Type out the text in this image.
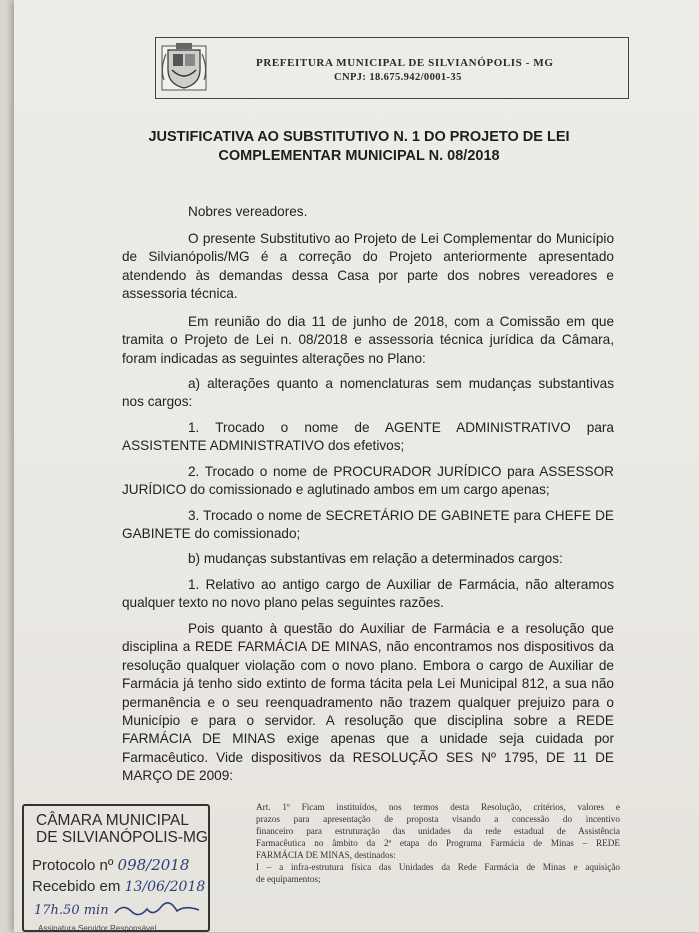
PREFEITURA MUNICIPAL DE SILVIANÓPOLIS - MG
CNPJ: 18.675.942/0001-35
JUSTIFICATIVA AO SUBSTITUTIVO N. 1 DO PROJETO DE LEI
COMPLEMENTAR MUNICIPAL N. 08/2018
Nobres vereadores.
O presente Substitutivo ao Projeto de Lei Complementar do Município
de Silvianópolis/MG é a correção do Projeto anteriormente apresentado
atendendo às demandas dessa Casa por parte dos nobres vereadores e
assessoria técnica.
Em reunião do dia 11 de junho de 2018, com a Comissão em que
tramita o Projeto de Lei n. 08/2018 e assessoria técnica jurídica da Câmara,
foram indicadas as seguintes alterações no Plano:
a) alterações quanto a nomenclaturas sem mudanças substantivas
nos cargos:
1. Trocado o nome de AGENTE ADMINISTRATIVO para
ASSISTENTE ADMINISTRATIVO dos efetivos;
2. Trocado o nome de PROCURADOR JURÍDICO para ASSESSOR
JURÍDICO do comissionado e aglutinado ambos em um cargo apenas;
3. Trocado o nome de SECRETÁRIO DE GABINETE para CHEFE DE
GABINETE do comissionado;
b) mudanças substantivas em relação a determinados cargos:
1. Relativo ao antigo cargo de Auxiliar de Farmácia, não alteramos
qualquer texto no novo plano pelas seguintes razões.
Pois quanto à questão do Auxiliar de Farmácia e a resolução que
disciplina a REDE FARMÁCIA DE MINAS, não encontramos nos dispositivos da
resolução qualquer violação com o novo plano. Embora o cargo de Auxiliar de
Farmácia já tenho sido extinto de forma tácita pela Lei Municipal 812, a sua não
permanência e o seu reenquadramento não trazem qualquer prejuizo para o
Município e para o servidor. A resolução que disciplina sobre a REDE
FARMÁCIA DE MINAS exige apenas que a unidade seja cuidada por
Farmacêutico. Vide dispositivos da RESOLUÇÃO SES Nº 1795, DE 11 DE
MARÇO DE 2009:
Art. 1º Ficam instituídos, nos termos desta Resolução, critérios, valores e
prazos para apresentação de proposta visando a concessão do incentivo
financeiro para estruturação das unidades da rede estadual de Assistência
Farmacêutica no âmbito da 2ª etapa do Programa Farmácia de Minas – REDE
FARMÁCIA DE MINAS, destinados:
I – a infra-estrutura física das Unidades da Rede Farmácia de Minas e aquisição
de equipamentos;
CÂMARA MUNICIPAL
DE SILVIANÓPOLIS-MG
Protocolo nº 098/2018
Recebido em 13/06/2018
17h.50 min
Assinatura Servidor Responsável
